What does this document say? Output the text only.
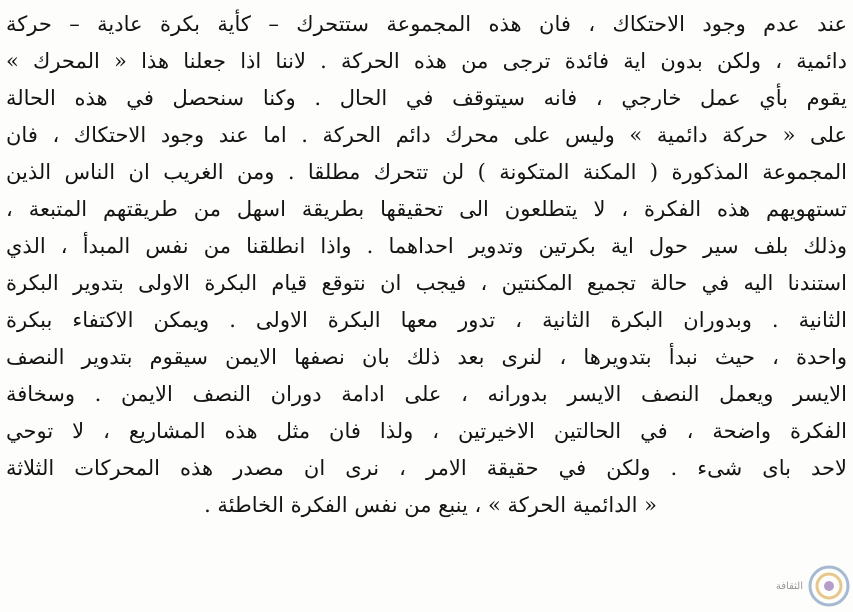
عند عدم وجود الاحتكاك ، فان هذه المجموعة ستتحرك – كأية بكرة عادية – حركة
دائمية ، ولكن بدون اية فائدة ترجى من هذه الحركة . لاننا اذا جعلنا هذا « المحرك »
يقوم بأي عمل خارجي ، فانه سيتوقف في الحال . وكنا سنحصل في هذه الحالة
على « حركة دائمية » وليس على محرك دائم الحركة . اما عند وجود الاحتكاك ، فان
المجموعة المذكورة ( المكنة المتكونة ) لن تتحرك مطلقا . ومن الغريب ان الناس الذين
تستهويهم هذه الفكرة ، لا يتطلعون الى تحقيقها بطريقة اسهل من طريقتهم المتبعة ،
وذلك بلف سير حول اية بكرتين وتدوير احداهما . واذا انطلقنا من نفس المبدأ ، الذي
استندنا اليه في حالة تجميع المكنتين ، فيجب ان نتوقع قيام البكرة الاولى بتدوير البكرة
الثانية . وبدوران البكرة الثانية ، تدور معها البكرة الاولى . ويمكن الاكتفاء ببكرة
واحدة ، حيث نبدأ بتدويرها ، لنرى بعد ذلك بان نصفها الايمن سيقوم بتدوير النصف
الايسر ويعمل النصف الايسر بدورانه ، على ادامة دوران النصف الايمن . وسخافة
الفكرة واضحة ، في الحالتين الاخيرتين ، ولذا فان مثل هذه المشاريع ، لا توحي
لاحد بای شیء . ولکن في حقيقة الامر ، نرى ان مصدر هذه المحركات الثلاثة
« الدائمية الحركة » ، ينبع من نفس الفكرة الخاطئة .
الثقافة
